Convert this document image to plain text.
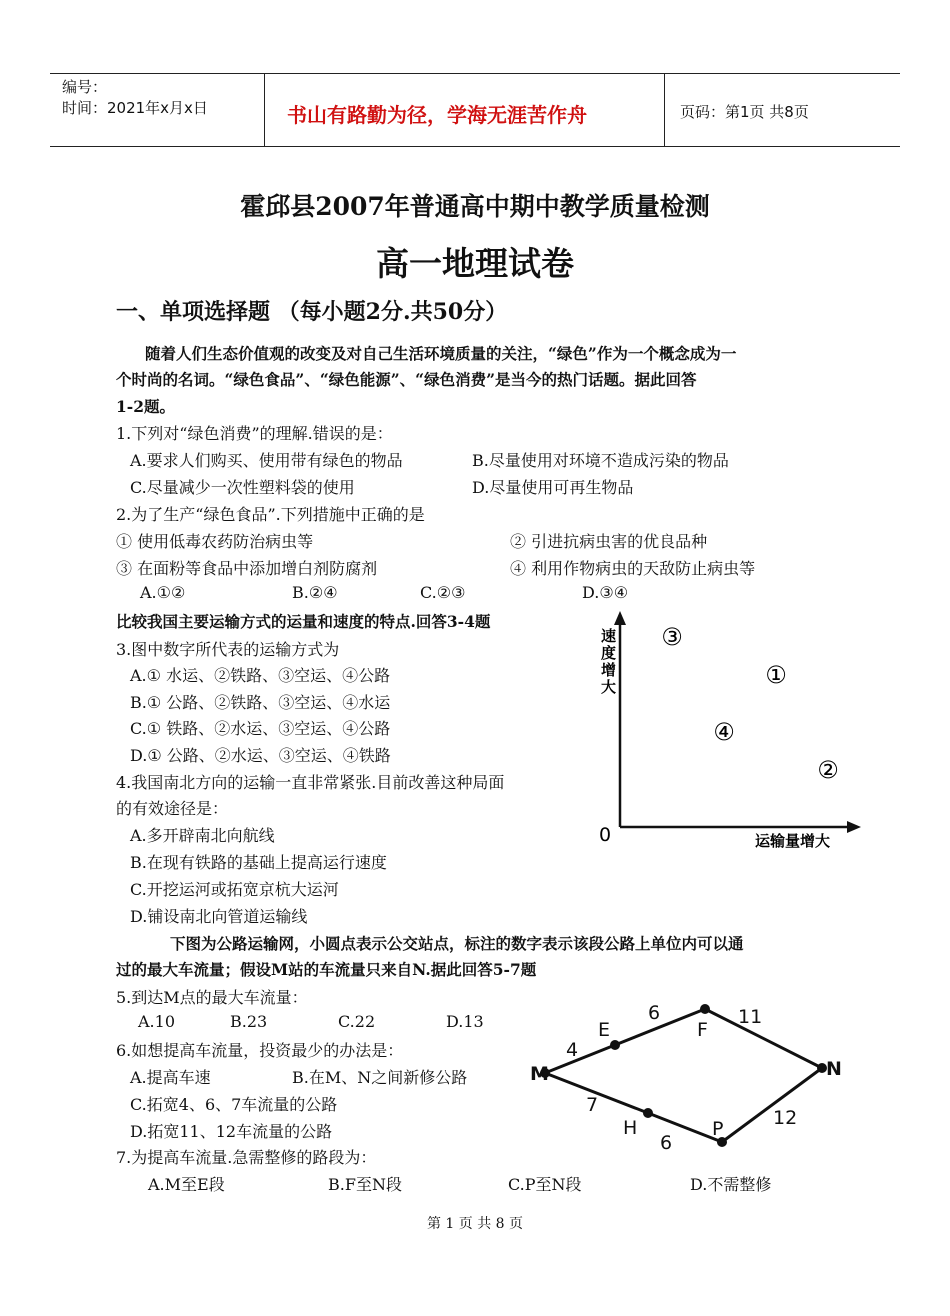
编号：
时间：2021年x月x日	书山有路勤为径，学海无涯苦作舟	页码：第1页 共8页
霍邱县2007年普通高中期中教学质量检测
高一地理试卷
一、单项选择题 （每小题2分.共50分）
随着人们生态价值观的改变及对自己生活环境质量的关注，“绿色”作为一个概念成为一
个时尚的名词。“绿色食品”、“绿色能源”、“绿色消费”是当今的热门话题。据此回答
1-2题。
1.下列对“绿色消费”的理解.错误的是：
A.要求人们购买、使用带有绿色的物品	B.尽量使用对环境不造成污染的物品
C.尽量减少一次性塑料袋的使用	D.尽量使用可再生物品
2.为了生产“绿色食品”.下列措施中正确的是
① 使用低毒农药防治病虫等	② 引进抗病虫害的优良品种
③ 在面粉等食品中添加增白剂防腐剂	④ 利用作物病虫的天敌防止病虫等
A.①②	B.②④	C.②③	D.③④
比较我国主要运输方式的运量和速度的特点.回答3-4题
3.图中数字所代表的运输方式为
A.① 水运、②铁路、③空运、④公路
B.① 公路、②铁路、③空运、④水运
C.① 铁路、②水运、③空运、④公路
D.① 公路、②水运、③空运、④铁路
4.我国南北方向的运输一直非常紧张.目前改善这种局面
的有效途径是：
A.多开辟南北向航线
B.在现有铁路的基础上提高运行速度
C.开挖运河或拓宽京杭大运河
D.铺设南北向管道运输线
0
速 度 增 大
运输量增大
③
①
④
②
下图为公路运输网，小圆点表示公交站点，标注的数字表示该段公路上单位内可以通
过的最大车流量；假设M站的车流量只来自N.据此回答5-7题
5.到达M点的最大车流量：
A.10	B.23	C.22	D.13
6.如想提高车流量，投资最少的办法是：
A.提高车速	B.在M、N之间新修公路
C.拓宽4、6、7车流量的公路
D.拓宽11、12车流量的公路
7.为提高车流量.急需整修的路段为：
A.M至E段	B.F至N段	C.P至N段	D.不需整修
M
E	F
N
H	P
4
6	11
7
6
12
第 1 页 共 8 页
